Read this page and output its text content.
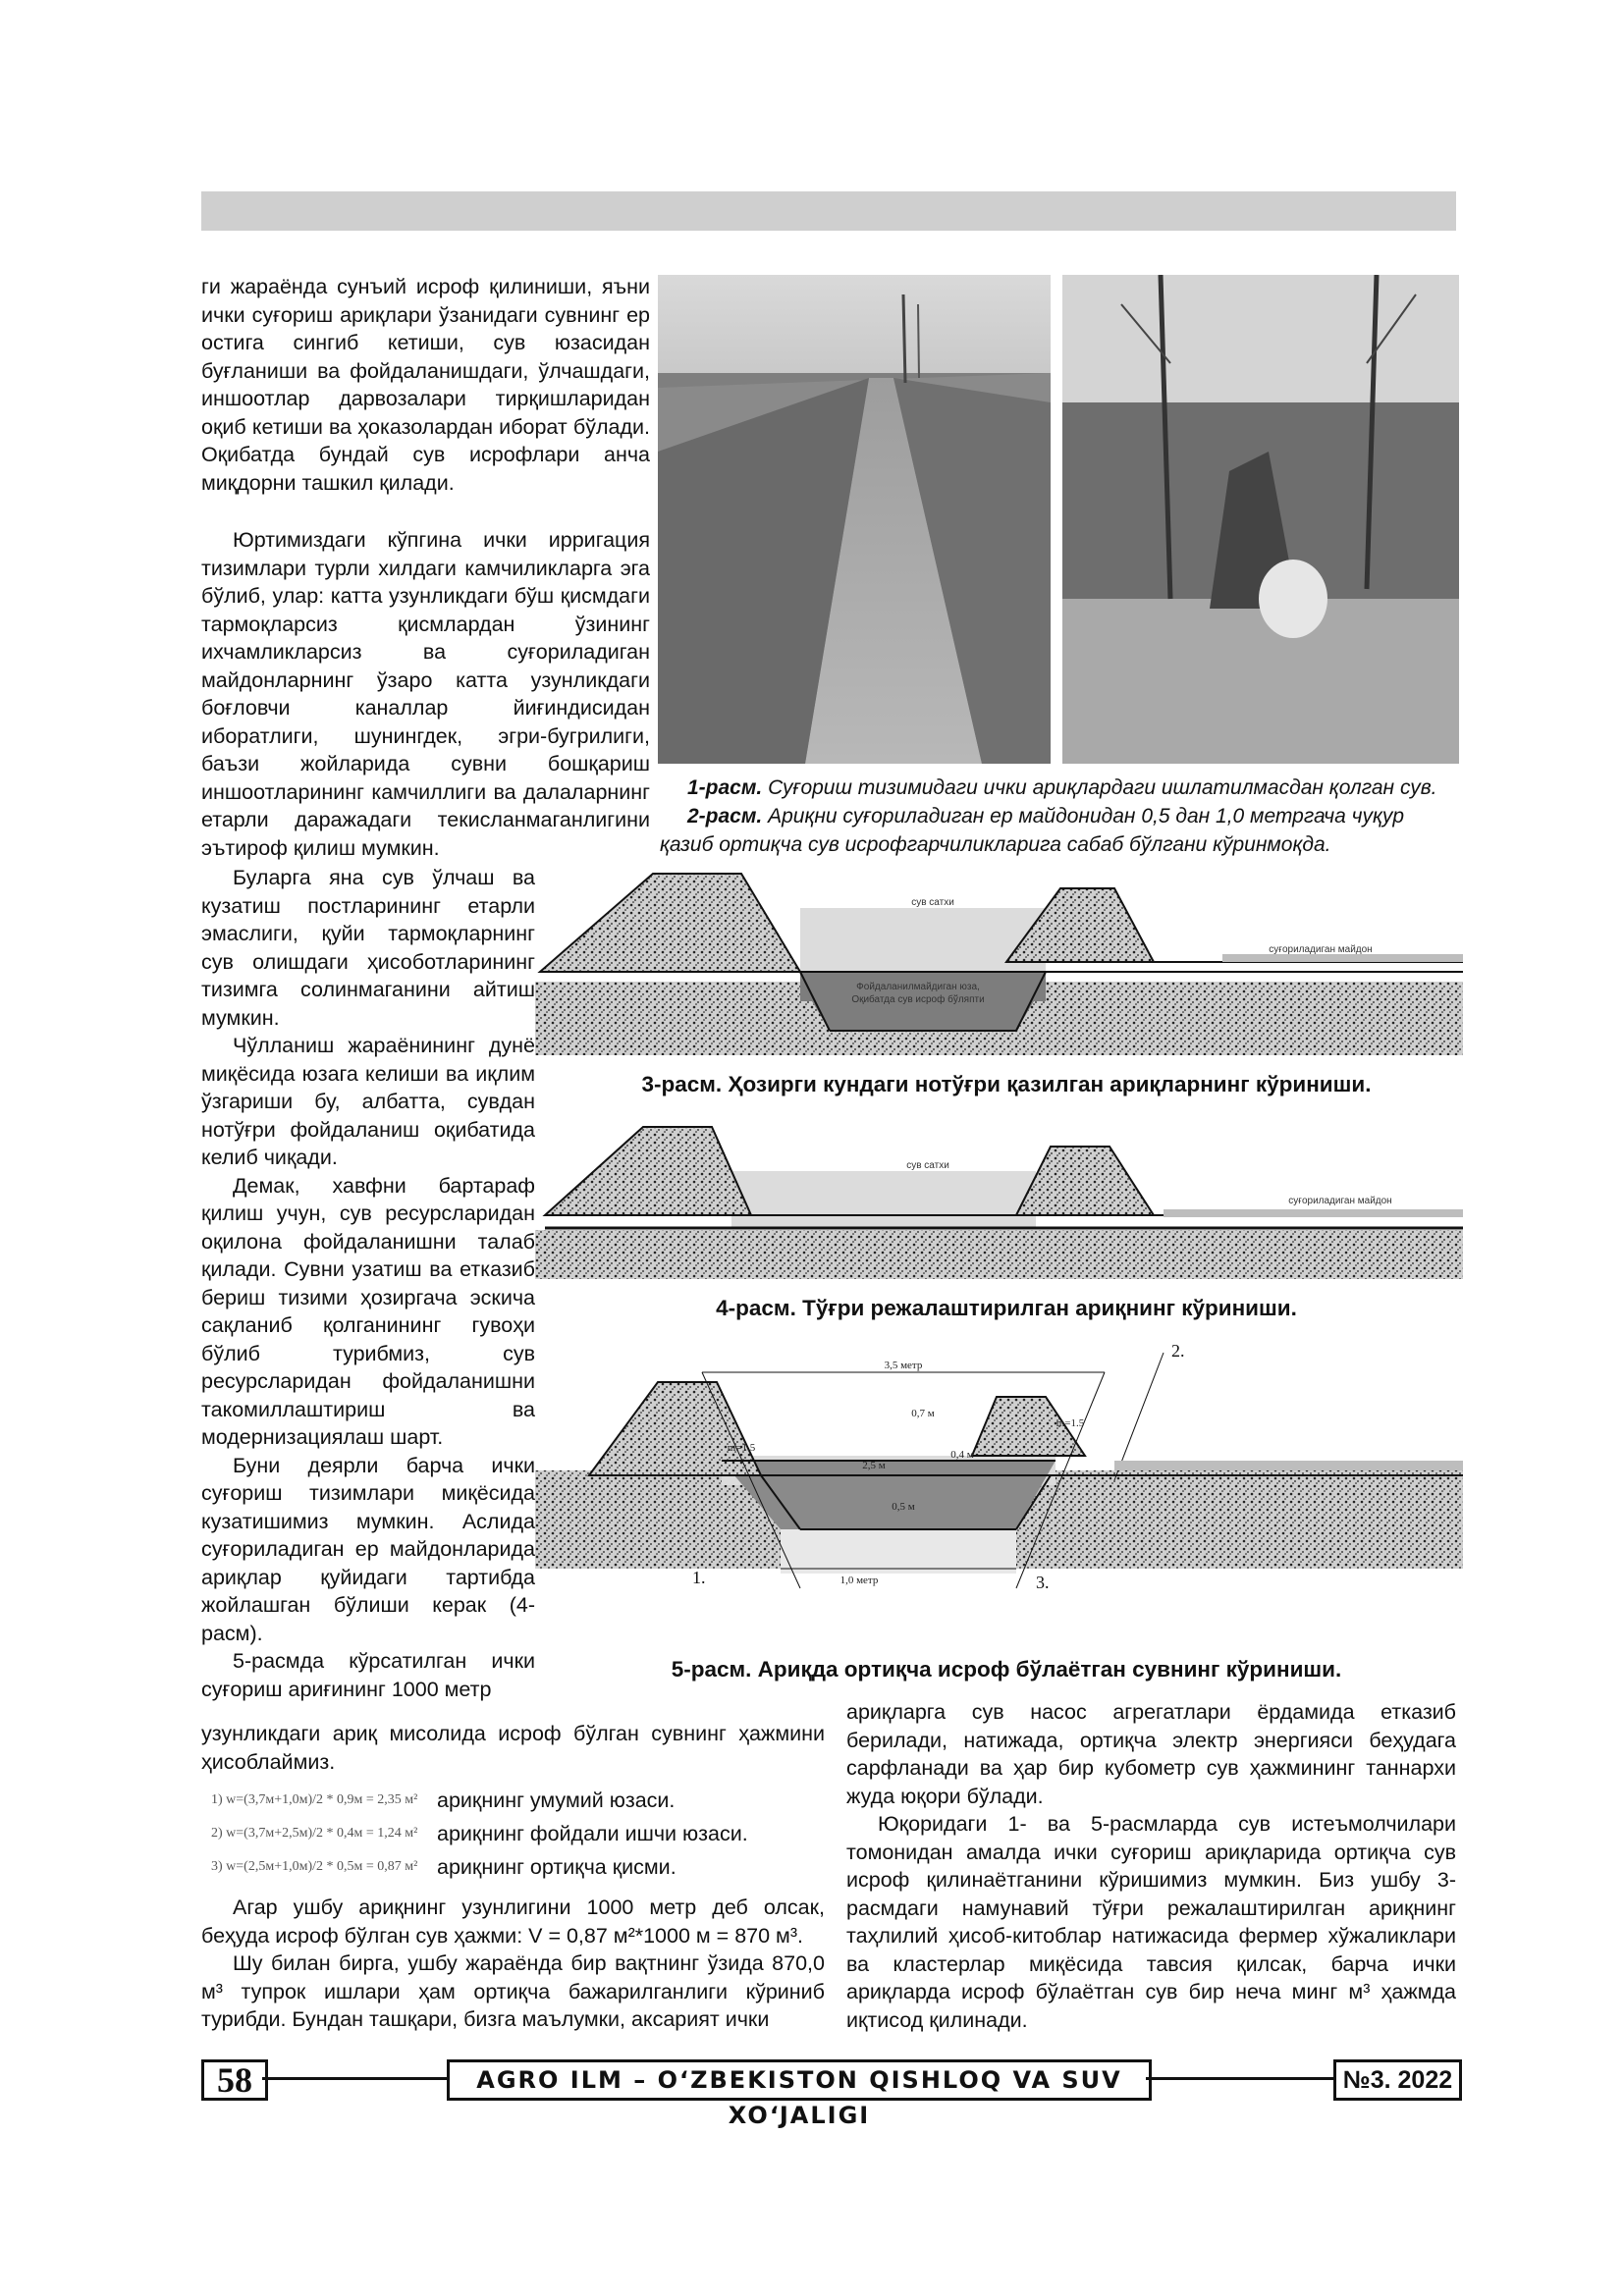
ги жараёнда сунъий исроф қилиниши, яъни ички суғориш ариқлари ўзанидаги сувнинг ер остига сингиб кетиши, сув юзасидан буғланиши ва фойдаланишдаги, ўлчашдаги, иншоотлар дарвозалари тирқишларидан оқиб кетиши ва ҳоказолардан иборат бўлади. Оқибатда бундай сув исрофлари анча миқдорни ташкил қилади.

Юртимиздаги кўпгина ички ирригация тизимлари турли хилдаги камчиликларга эга бўлиб, улар: катта узунликдаги бўш қисмдаги тармоқларсиз қисмлардан ўзининг ихчамликларсиз ва суғориладиган майдонларнинг ўзаро катта узунликдаги боғловчи каналлар йиғиндисидан иборатлиги, шунингдек, эгри-бугрилиги, баъзи жойларида сувни бошқариш иншоотларининг камчиллиги ва далаларнинг етарли даражадаги текисланмаганлигини эътироф қилиш мумкин.

Буларга яна сув ўлчаш ва кузатиш постларининг етарли эмаслиги, қуйи тармоқларнинг сув олишдаги ҳисоботларининг тизимга солинмаганини айтиш мумкин.

Чўлланиш жараёнининг дунё миқёсида юзага келиши ва иқлим ўзгариши бу, албатта, сувдан нотўғри фойдаланиш оқибатида келиб чиқади.

Демак, хавфни бартараф қилиш учун, сув ресурсларидан оқилона фойдаланишни талаб қилади. Сувни узатиш ва етказиб бериш тизими ҳозиргача эскича сақланиб қолганининг гувоҳи бўлиб турибмиз, сув ресурсларидан фойдаланишни такомиллаштириш ва модернизациялаш шарт.

Буни деярли барча ички суғориш тизимлари миқёсида кузатишимиз мумкин. Аслида суғориладиган ер майдонларида ариқлар қуйидаги тартибда жойлашган бўлиши керак (4-расм).

5-расмда кўрсатилган ички суғориш ариғининг 1000 метр

1-расм. Суғориш тизимидаги ички ариқлардаги ишлатилмасдан қолган сув.
2-расм. Ариқни суғориладиган ер майдонидан 0,5 дан 1,0 метргача чуқур қазиб ортиқча сув исрофгарчиликларига сабаб бўлгани кўринмоқда.
сув сатхи
суғориладиган майдон
Фойдаланилмайдиган юза,
Оқибатда сув исроф бўляпти
3-расм. Ҳозирги кундаги нотўғри қазилган ариқларнинг кўриниши.
сув сатхи
суғориладиган майдон
4-расм. Тўғри режалаштирилган ариқнинг кўриниши.
3,5 метр
0,7 м
0,4 м
2,5 м
0,5 м
1,0 метр
m=1.5
m=1.5
1.
2.
3.
5-расм. Ариқда ортиқча исроф бўлаётган сувнинг кўриниши.

узунликдаги ариқ мисолида исроф бўлган сувнинг ҳажмини ҳисоблаймиз.

1) w=(3,7м+1,0м)/2 * 0,9м = 2,35 м² ариқнинг умумий юзаси.
2) w=(3,7м+2,5м)/2 * 0,4м = 1,24 м² ариқнинг фойдали ишчи юзаси.
3) w=(2,5м+1,0м)/2 * 0,5м = 0,87 м² ариқнинг ортиқча қисми.

Агар ушбу ариқнинг узунлигини 1000 метр деб олсак, беҳуда исроф бўлган сув ҳажми: V = 0,87 м²*1000 м = 870 м³.

Шу билан бирга, ушбу жараёнда бир вақтнинг ўзида 870,0 м³ тупрок ишлари ҳам ортиқча бажарилганлиги кўриниб турибди. Бундан ташқари, бизга маълумки, аксарият ички

ариқларга сув насос агрегатлари ёрдамида етказиб берилади, натижада, ортиқча электр энергияси беҳудага сарфланади ва ҳар бир кубометр сув ҳажмининг таннархи жуда юқори бўлади.

Юқоридаги 1- ва 5-расмларда сув истеъмолчилари томонидан амалда ички суғориш ариқларида ортиқча сув исроф қилинаётганини кўришимиз мумкин. Биз ушбу 3-расмдаги намунавий тўғри режалаштирилган ариқнинг таҳлилий ҳисоб-китоблар натижасида фермер хўжаликлари ва кластерлар миқёсида тавсия қилсак, барча ички ариқларда исроф бўлаётган сув бир неча минг м³ ҳажмда иқтисод қилинади.

58	AGRO ILM – O‘ZBEKISTON QISHLOQ VA SUV XO‘JALIGI
№3. 2022
